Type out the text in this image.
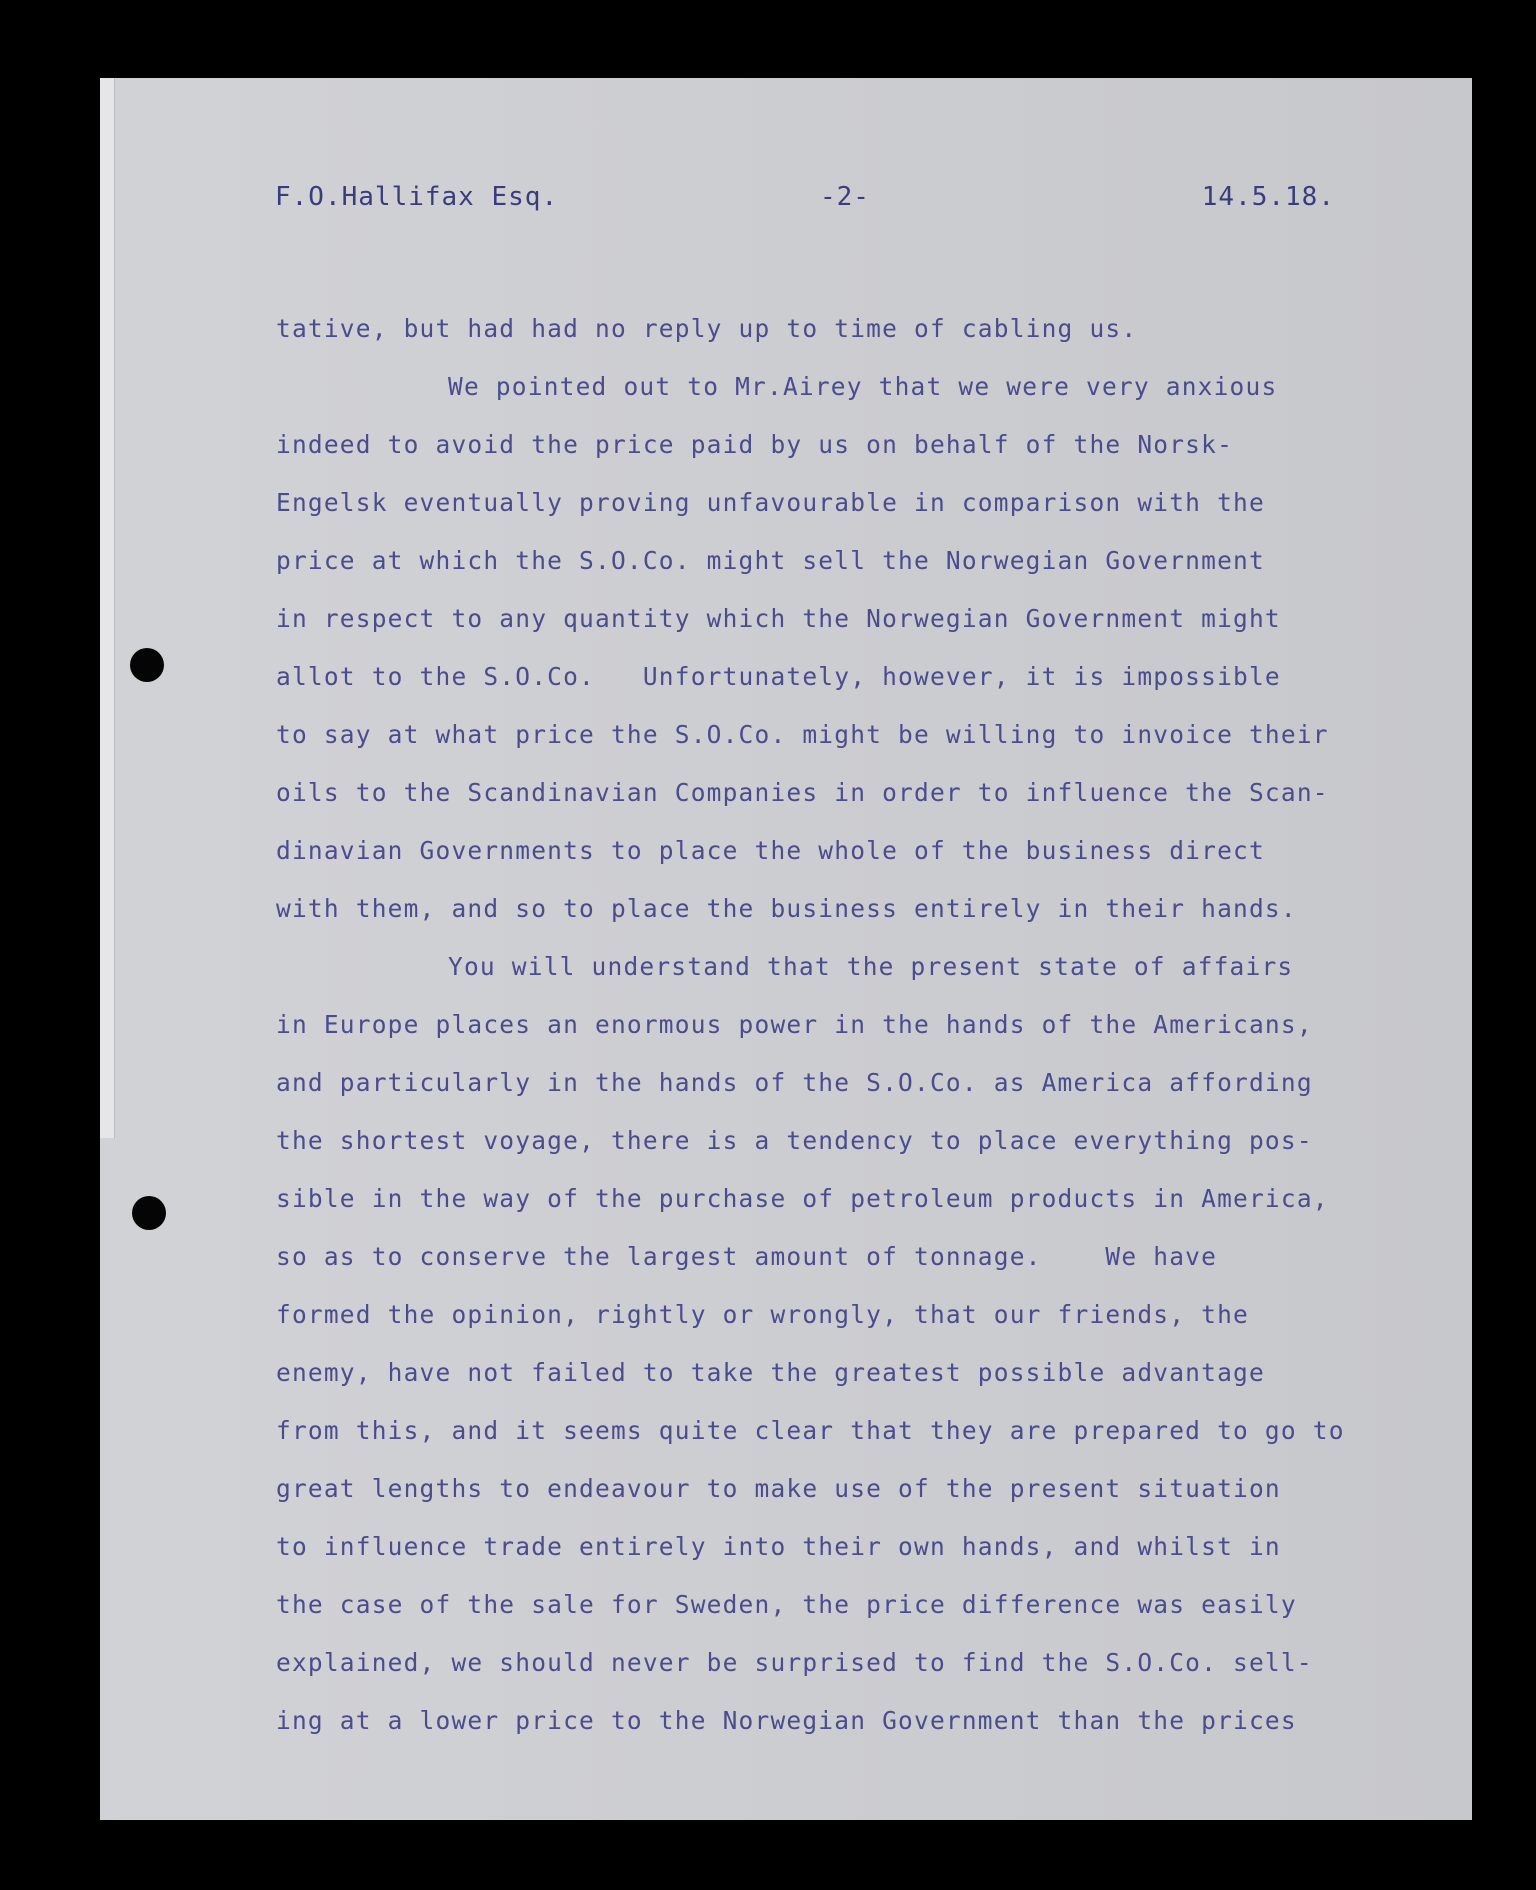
F.O.Hallifax Esq.	-2-	14.5.18.
tative, but had had no reply up to time of cabling us.
We pointed out to Mr.Airey that we were very anxious
indeed to avoid the price paid by us on behalf of the Norsk-
Engelsk eventually proving unfavourable in comparison with the
price at which the S.O.Co. might sell the Norwegian Government
in respect to any quantity which the Norwegian Government might
allot to the S.O.Co.   Unfortunately, however, it is impossible
to say at what price the S.O.Co. might be willing to invoice their
oils to the Scandinavian Companies in order to influence the Scan-
dinavian Governments to place the whole of the business direct
with them, and so to place the business entirely in their hands.
You will understand that the present state of affairs
in Europe places an enormous power in the hands of the Americans,
and particularly in the hands of the S.O.Co. as America affording
the shortest voyage, there is a tendency to place everything pos-
sible in the way of the purchase of petroleum products in America,
so as to conserve the largest amount of tonnage.    We have
formed the opinion, rightly or wrongly, that our friends, the
enemy, have not failed to take the greatest possible advantage
from this, and it seems quite clear that they are prepared to go to
great lengths to endeavour to make use of the present situation
to influence trade entirely into their own hands, and whilst in
the case of the sale for Sweden, the price difference was easily
explained, we should never be surprised to find the S.O.Co. sell-
ing at a lower price to the Norwegian Government than the prices
